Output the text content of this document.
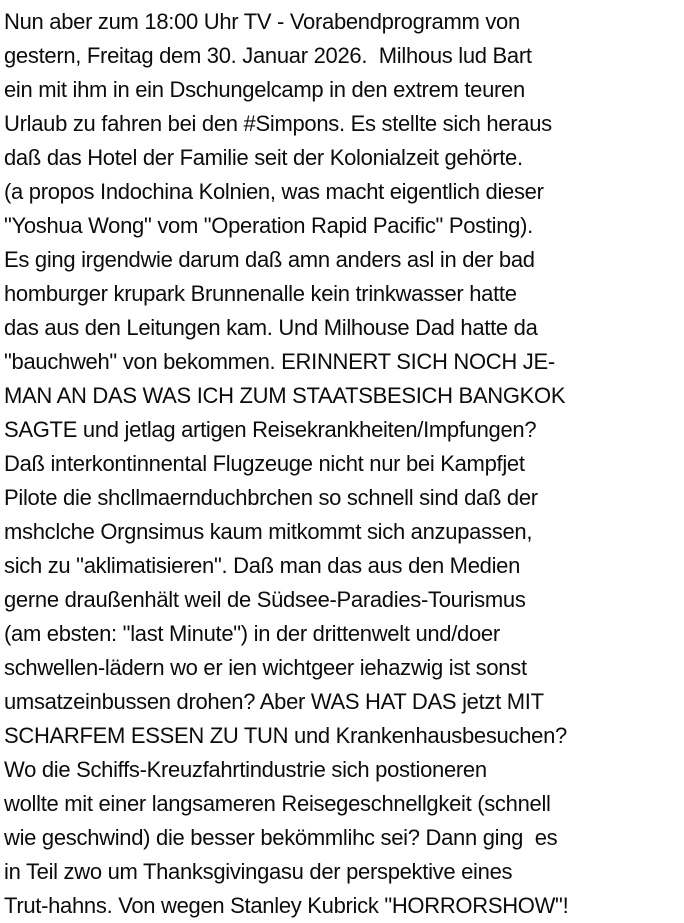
Nun aber zum 18:00 Uhr TV - Vorabendprogramm von
gestern, Freitag dem 30. Januar 2026.  Milhous lud Bart
ein mit ihm in ein Dschungelcamp in den extrem teuren
Urlaub zu fahren bei den #Simpons. Es stellte sich heraus
daß das Hotel der Familie seit der Kolonialzeit gehörte.
(a propos Indochina Kolnien, was macht eigentlich dieser
"Yoshua Wong" vom "Operation Rapid Pacific" Posting).
Es ging irgendwie darum daß amn anders asl in der bad
homburger krupark Brunnenalle kein trinkwasser hatte
das aus den Leitungen kam. Und Milhouse Dad hatte da
"bauchweh" von bekommen. ERINNERT SICH NOCH JE-
MAN AN DAS WAS ICH ZUM STAATSBESICH BANGKOK
SAGTE und jetlag artigen Reisekrankheiten/Impfungen?
Daß interkontinnental Flugzeuge nicht nur bei Kampfjet
Pilote die shcllmaernduchbrchen so schnell sind daß der
mshclche Orgnsimus kaum mitkommt sich anzupassen,
sich zu "aklimatisieren". Daß man das aus den Medien
gerne draußenhält weil de Südsee-Paradies-Tourismus
(am ebsten: "last Minute") in der drittenwelt und/doer
schwellen-lädern wo er ien wichtgeer iehazwig ist sonst
umsatzeinbussen drohen? Aber WAS HAT DAS jetzt MIT
SCHARFEM ESSEN ZU TUN und Krankenhausbesuchen?
Wo die Schiffs-Kreuzfahrtindustrie sich postioneren
wollte mit einer langsameren Reisegeschnellgkeit (schnell
wie geschwind) die besser bekömmlihc sei? Dann ging  es
in Teil zwo um Thanksgivingasu der perspektive eines
Trut-hahns. Von wegen Stanley Kubrick "HORRORSHOW"!
